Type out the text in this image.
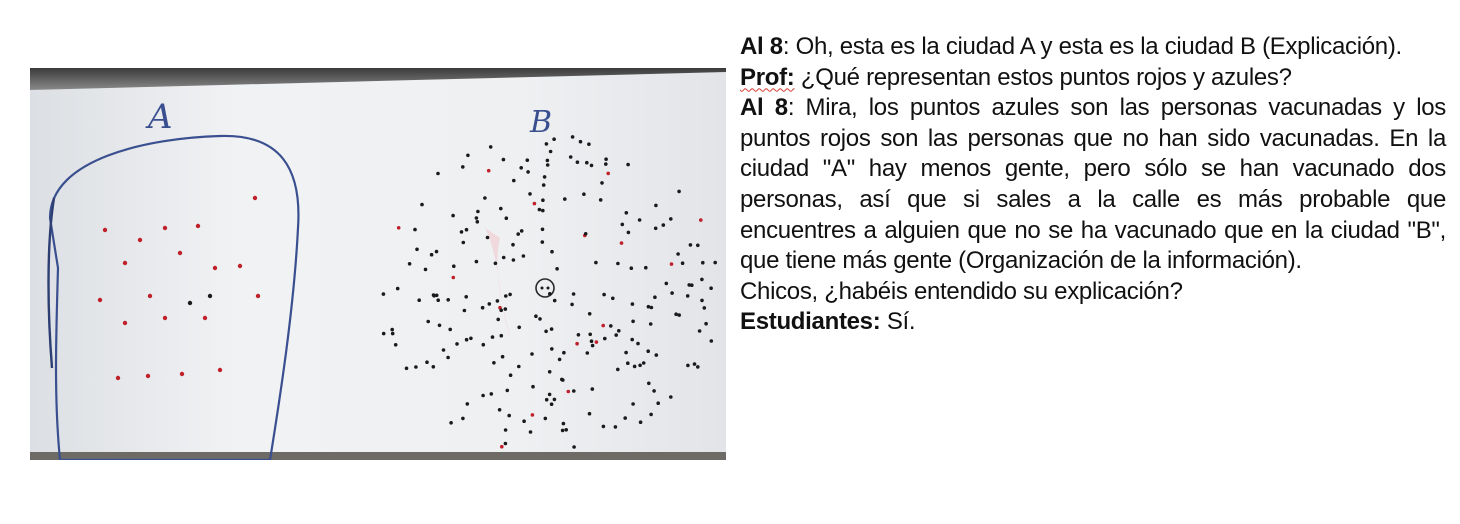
A	B

Al 8: Oh, esta es la ciudad A y esta es la ciudad B (Explicación).

Prof: ¿Qué representan estos puntos rojos y azules?

Al 8: Mira, los puntos azules son las personas vacunadas y los puntos rojos son las personas que no han sido vacunadas. En la ciudad "A" hay menos gente, pero sólo se han vacunado dos personas, así que si sales a la calle es más probable que encuentres a alguien que no se ha vacunado que en la ciudad "B", que tiene más gente (Organización de la información).

Chicos, ¿habéis entendido su explicación?

Estudiantes: Sí.
